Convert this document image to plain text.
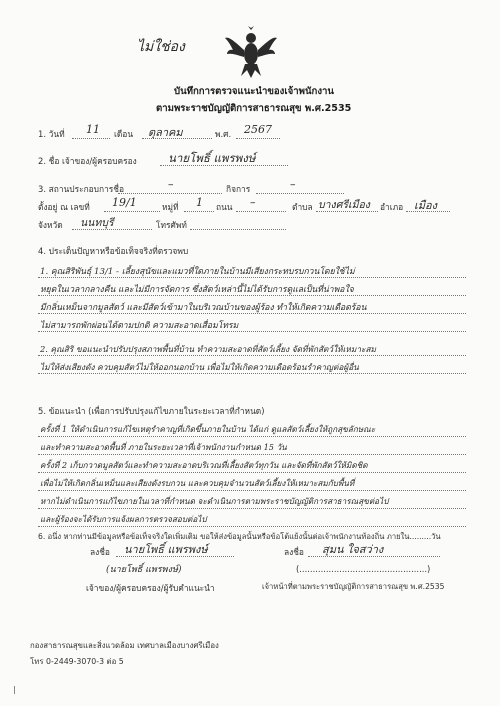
ไม่ใช่อง
บันทึกการตรวจแนะนำของเจ้าพนักงาน
ตามพระราชบัญญัติการสาธารณสุข พ.ศ.2535
1. วันที่ 11 เดือน ตุลาคม	พ.ศ. 2567
2. ชื่อ เจ้าของ/ผู้ครอบครอง	นายโพธิ์ แพรพงษ์
3. สถานประกอบการชื่อ	–	กิจการ	–
ตั้งอยู่ ณ เลขที่ 19/1	หมู่ที่ 1 ถนน –	ตำบล บางศรีเมือง อำเภอ เมือง
จังหวัด นนทบุรี	โทรศัพท์
4. ประเด็นปัญหาหรือข้อเท็จจริงที่ตรวจพบ
1. คุณสิริพันธุ์ 13/1 - เลี้ยงสุนัขและแมวที่ใดภายในบ้านมีเสียงกระทบรบกวนโดยใช้ไม่
หยุดในเวลากลางคืน และไม่มีการจัดการ ซึ่งสัตว์เหล่านี้ไม่ได้รับการดูแลเป็นที่น่าพอใจ
มีกลิ่นเหม็นจากมูลสัตว์ และมีสัตว์เข้ามาในบริเวณบ้านของผู้ร้อง ทำให้เกิดความเดือดร้อน
ไม่สามารถพักผ่อนได้ตามปกติ ความสะอาดเสื่อมโทรม
2. คุณสิริ ขอแนะนำปรับปรุงสภาพพื้นที่บ้าน ทำความสะอาดที่สัตว์เลี้ยง จัดที่พักสัตว์ให้เหมาะสม
ไม่ให้ส่งเสียงดัง ควบคุมสัตว์ไม่ให้ออกนอกบ้าน เพื่อไม่ให้เกิดความเดือดร้อนรำคาญต่อผู้อื่น
5. ข้อแนะนำ (เพื่อการปรับปรุงแก้ไขภายในระยะเวลาที่กำหนด)
ครั้งที่ 1 ให้ดำเนินการแก้ไขเหตุรำคาญที่เกิดขึ้นภายในบ้าน ได้แก่ ดูแลสัตว์เลี้ยงให้ถูกสุขลักษณะ
และทำความสะอาดพื้นที่ ภายในระยะเวลาที่เจ้าพนักงานกำหนด 15 วัน
ครั้งที่ 2 เก็บกวาดมูลสัตว์และทำความสะอาดบริเวณที่เลี้ยงสัตว์ทุกวัน และจัดที่พักสัตว์ให้มิดชิด
เพื่อไม่ให้เกิดกลิ่นเหม็นและเสียงดังรบกวน และควบคุมจำนวนสัตว์เลี้ยงให้เหมาะสมกับพื้นที่
หากไม่ดำเนินการแก้ไขภายในเวลาที่กำหนด จะดำเนินการตามพระราชบัญญัติการสาธารณสุขต่อไป
และผู้ร้องจะได้รับการแจ้งผลการตรวจสอบต่อไป
6. อนึ่ง หากท่านมีข้อมูลหรือข้อเท็จจริงใดเพิ่มเติม ขอให้ส่งข้อมูลนั้นหรือข้อโต้แย้งนั้นต่อเจ้าพนักงานท้องถิ่น ภายใน.........วัน
ลงชื่อ นายโพธิ์ แพรพงษ์
(นายโพธิ์ แพรพงษ์)
เจ้าของ/ผู้ครอบครอง/ผู้รับคำแนะนำ
ลงชื่อ สุมน ใจสว่าง
(................................................)
เจ้าหน้าที่ตามพระราชบัญญัติการสาธารณสุข พ.ศ.2535
กองสาธารณสุขและสิ่งแวดล้อม เทศบาลเมืองบางศรีเมือง
โทร 0-2449-3070-3 ต่อ 5
